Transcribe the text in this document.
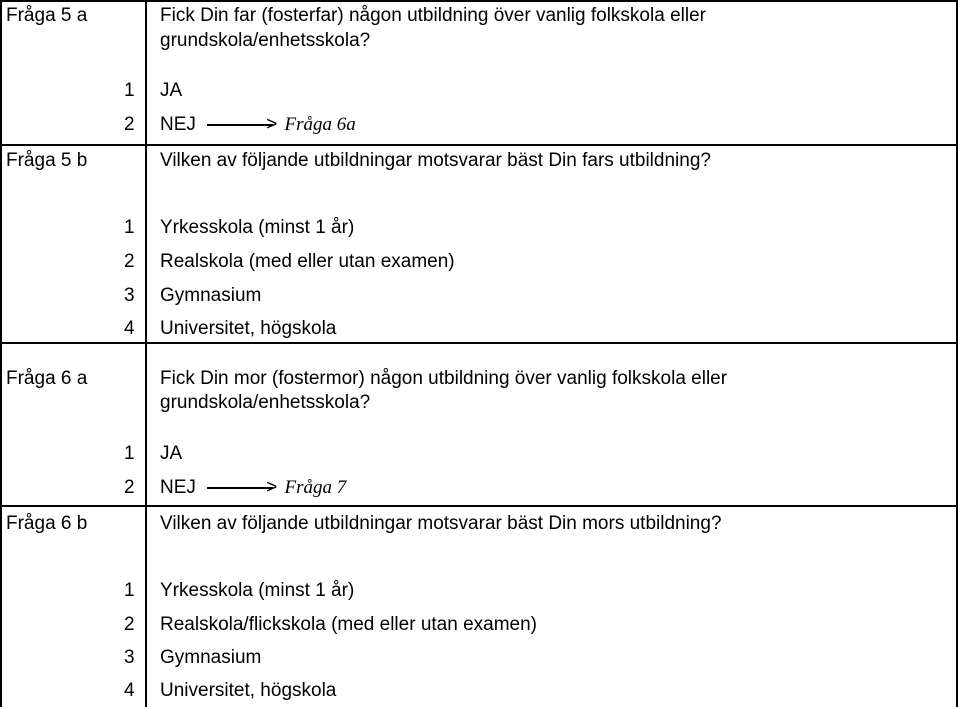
Fråga 5 a	Fick Din far (fosterfar) någon utbildning över vanlig folkskola eller
grundskola/enhetsskola?
1 JA
2 NEJ	> Fråga 6a
Fråga 5 b	Vilken av följande utbildningar motsvarar bäst Din fars utbildning?
1 Yrkesskola (minst 1 år)
2 Realskola (med eller utan examen)
3 Gymnasium
4 Universitet, högskola
Fråga 6 a	Fick Din mor (fostermor) någon utbildning över vanlig folkskola eller
grundskola/enhetsskola?
1 JA
2 NEJ	> Fråga 7
Fråga 6 b	Vilken av följande utbildningar motsvarar bäst Din mors utbildning?
1 Yrkesskola (minst 1 år)
2 Realskola/flickskola (med eller utan examen)
3 Gymnasium
4 Universitet, högskola
